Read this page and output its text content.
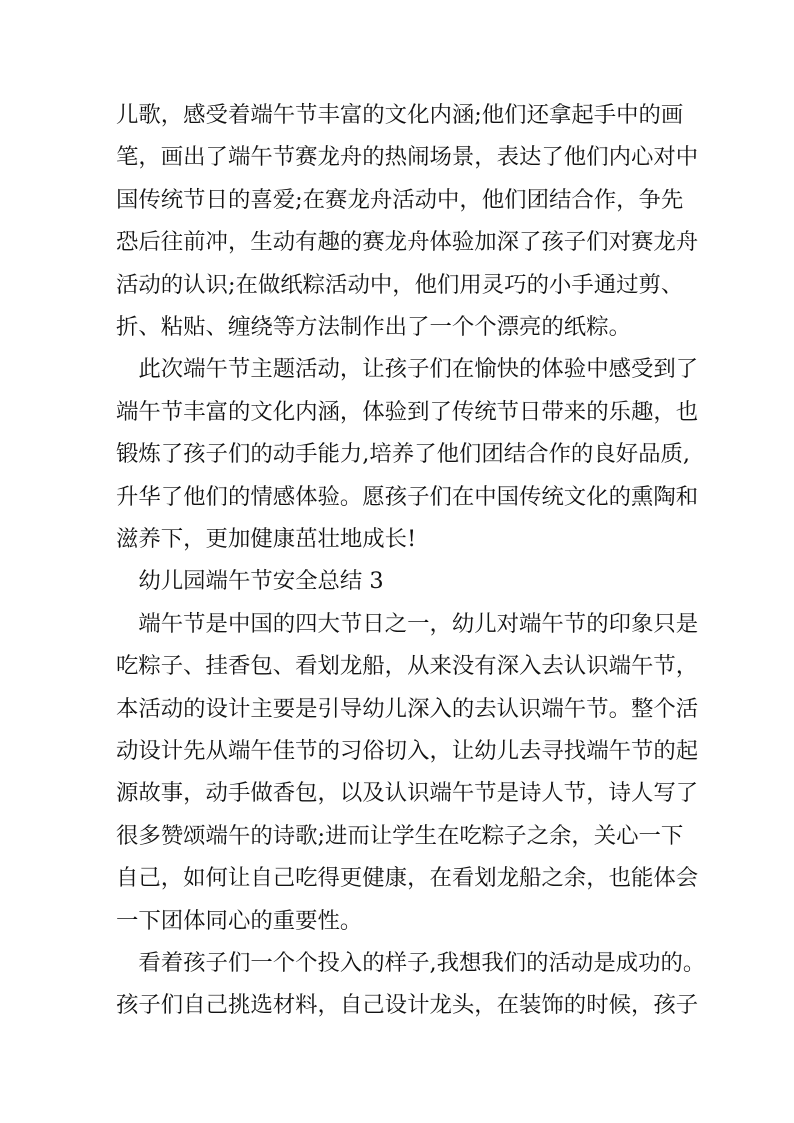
儿歌，感受着端午节丰富的文化内涵;他们还拿起手中的画
笔，画出了端午节赛龙舟的热闹场景，表达了他们内心对中
国传统节日的喜爱;在赛龙舟活动中，他们团结合作，争先
恐后往前冲，生动有趣的赛龙舟体验加深了孩子们对赛龙舟
活动的认识;在做纸粽活动中，他们用灵巧的小手通过剪、
折、粘贴、缠绕等方法制作出了一个个漂亮的纸粽。
　此次端午节主题活动，让孩子们在愉快的体验中感受到了
端午节丰富的文化内涵，体验到了传统节日带来的乐趣，也
锻炼了孩子们的动手能力,培养了他们团结合作的良好品质,
升华了他们的情感体验。愿孩子们在中国传统文化的熏陶和
滋养下，更加健康茁壮地成长!
　幼儿园端午节安全总结 3
　端午节是中国的四大节日之一，幼儿对端午节的印象只是
吃粽子、挂香包、看划龙船，从来没有深入去认识端午节，
本活动的设计主要是引导幼儿深入的去认识端午节。整个活
动设计先从端午佳节的习俗切入，让幼儿去寻找端午节的起
源故事，动手做香包，以及认识端午节是诗人节，诗人写了
很多赞颂端午的诗歌;进而让学生在吃粽子之余，关心一下
自己，如何让自己吃得更健康，在看划龙船之余，也能体会
一下团体同心的重要性。
　看着孩子们一个个投入的样子,我想我们的活动是成功的。
孩子们自己挑选材料，自己设计龙头，在装饰的时候，孩子
